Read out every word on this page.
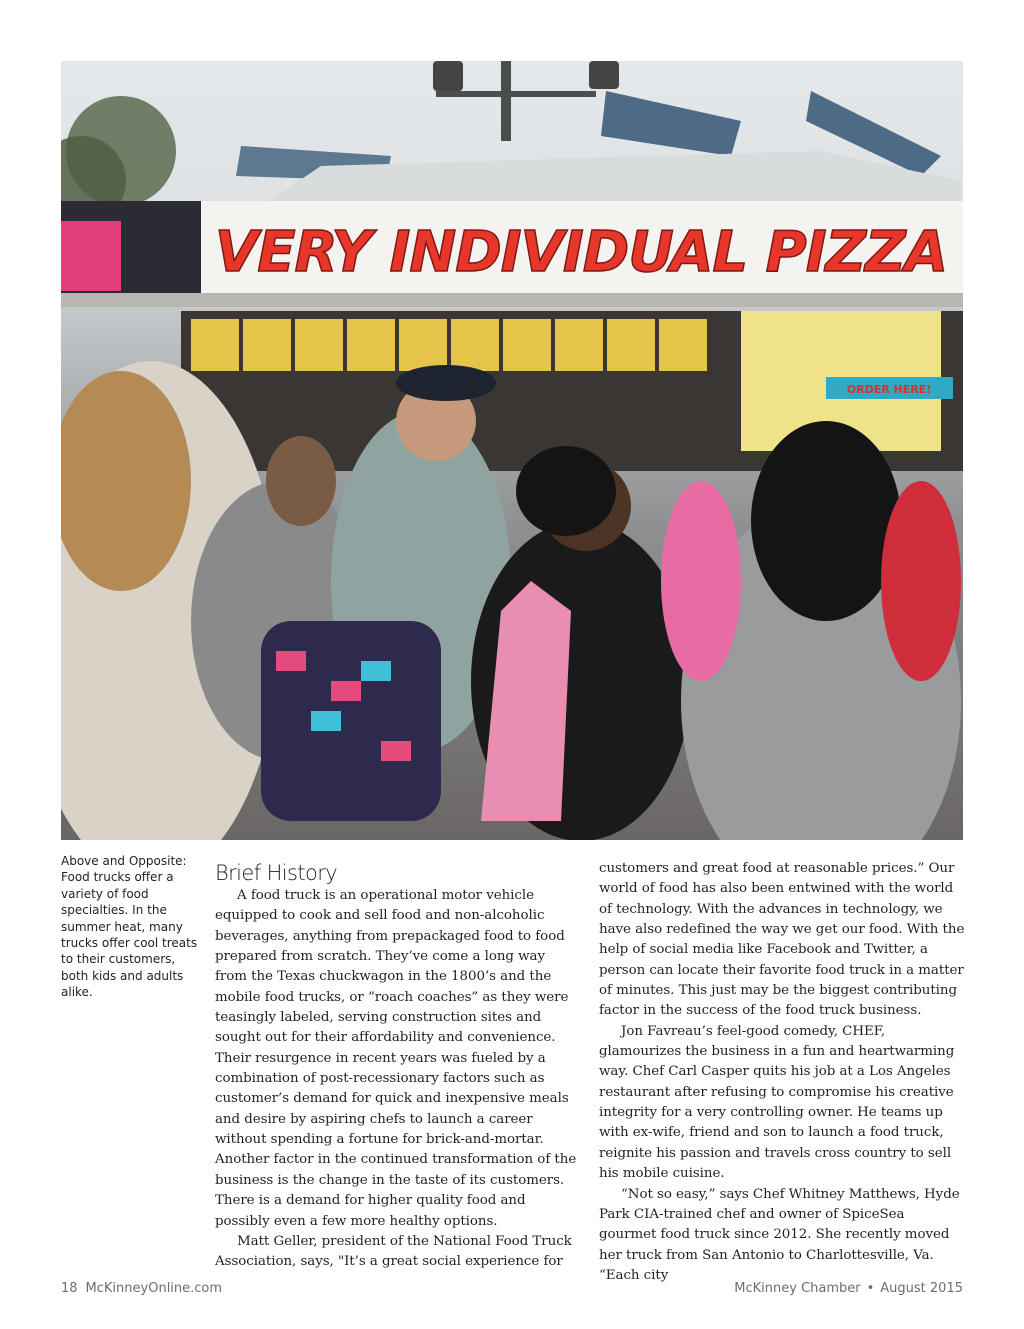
VERY INDIVIDUAL PIZZA
ORDER HERE!
Above and Opposite: Food trucks offer a variety of food specialties. In the summer heat, many trucks offer cool treats to their customers, both kids and adults alike.
Brief History

A food truck is an operational motor vehicle equipped to cook and sell food and non-alcoholic beverages, anything from prepackaged food to food prepared from scratch. They’ve come a long way from the Texas chuckwagon in the 1800’s and the mobile food trucks, or “roach coaches” as they were teasingly labeled, serving construction sites and sought out for their affordability and convenience. Their resurgence in recent years was fueled by a combination of post-recessionary factors such as customer’s demand for quick and inexpensive meals and desire by aspiring chefs to launch a career without spending a fortune for brick-and-mortar. Another factor in the continued transformation of the business is the change in the taste of its customers. There is a demand for higher quality food and possibly even a few more healthy options.

Matt Geller, president of the National Food Truck Association, says, "It’s a great social experience for

customers and great food at reasonable prices.” Our world of food has also been entwined with the world of technology. With the advances in technology, we have also redefined the way we get our food. With the help of social media like Facebook and Twitter, a person can locate their favorite food truck in a matter of minutes. This just may be the biggest contributing factor in the success of the food truck business.

Jon Favreau’s feel-good comedy, CHEF, glamourizes the business in a fun and heartwarming way. Chef Carl Casper quits his job at a Los Angeles restaurant after refusing to compromise his creative integrity for a very controlling owner. He teams up with ex-wife, friend and son to launch a food truck, reignite his passion and travels cross country to sell his mobile cuisine.

“Not so easy,” says Chef Whitney Matthews, Hyde Park CIA-trained chef and owner of SpiceSea gourmet food truck since 2012. She recently moved her truck from San Antonio to Charlottesville, Va. “Each city

18 McKinneyOnline.com	McKinney Chamber • August 2015
